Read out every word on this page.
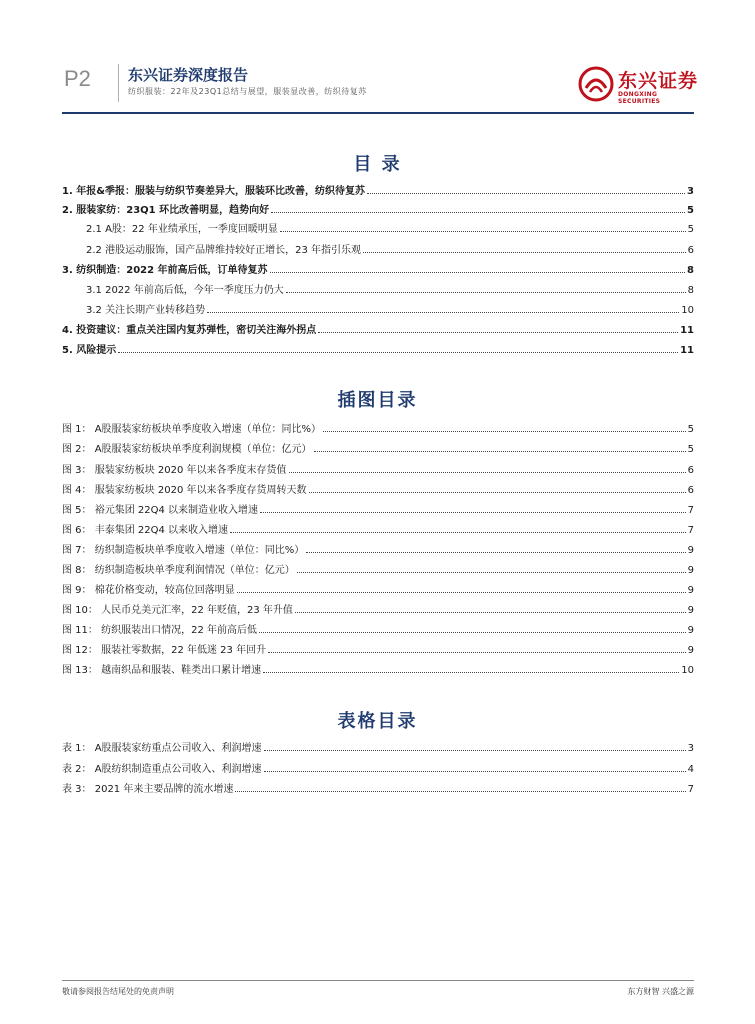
P2 东兴证券深度报告
纺织服装：22年及23Q1总结与展望，服装显改善，纺织待复苏	东兴证券
DONGXING SECURITIES
目 录
1. 年报&季报：服装与纺织节奏差异大，服装环比改善，纺织待复苏	3
2. 服装家纺：23Q1 环比改善明显，趋势向好	5
2.1 A股：22 年业绩承压，一季度回暖明显	5
2.2 港股运动服饰，国产品牌维持较好正增长，23 年指引乐观	6
3. 纺织制造：2022 年前高后低，订单待复苏	8
3.1 2022 年前高后低，今年一季度压力仍大	8
3.2 关注长期产业转移趋势	10
4. 投资建议：重点关注国内复苏弹性，密切关注海外拐点	11
5. 风险提示	11
插图目录
图 1： A股服装家纺板块单季度收入增速（单位：同比%）	5
图 2： A股服装家纺板块单季度利润规模（单位：亿元）	5
图 3： 服装家纺板块 2020 年以来各季度末存货值	6
图 4： 服装家纺板块 2020 年以来各季度存货周转天数	6
图 5： 裕元集团 22Q4 以来制造业收入增速	7
图 6： 丰泰集团 22Q4 以来收入增速	7
图 7： 纺织制造板块单季度收入增速（单位：同比%）	9
图 8： 纺织制造板块单季度利润情况（单位：亿元）	9
图 9： 棉花价格变动，较高位回落明显	9
图 10： 人民币兑美元汇率，22 年贬值，23 年升值	9
图 11： 纺织服装出口情况，22 年前高后低	9
图 12： 服装社零数据，22 年低迷 23 年回升	9
图 13： 越南织品和服装、鞋类出口累计增速	10
表格目录
表 1： A股服装家纺重点公司收入、利润增速	3
表 2： A股纺织制造重点公司收入、利润增速	4
表 3： 2021 年来主要品牌的流水增速	7
敬请参阅报告结尾处的免责声明	东方财智 兴盛之源
